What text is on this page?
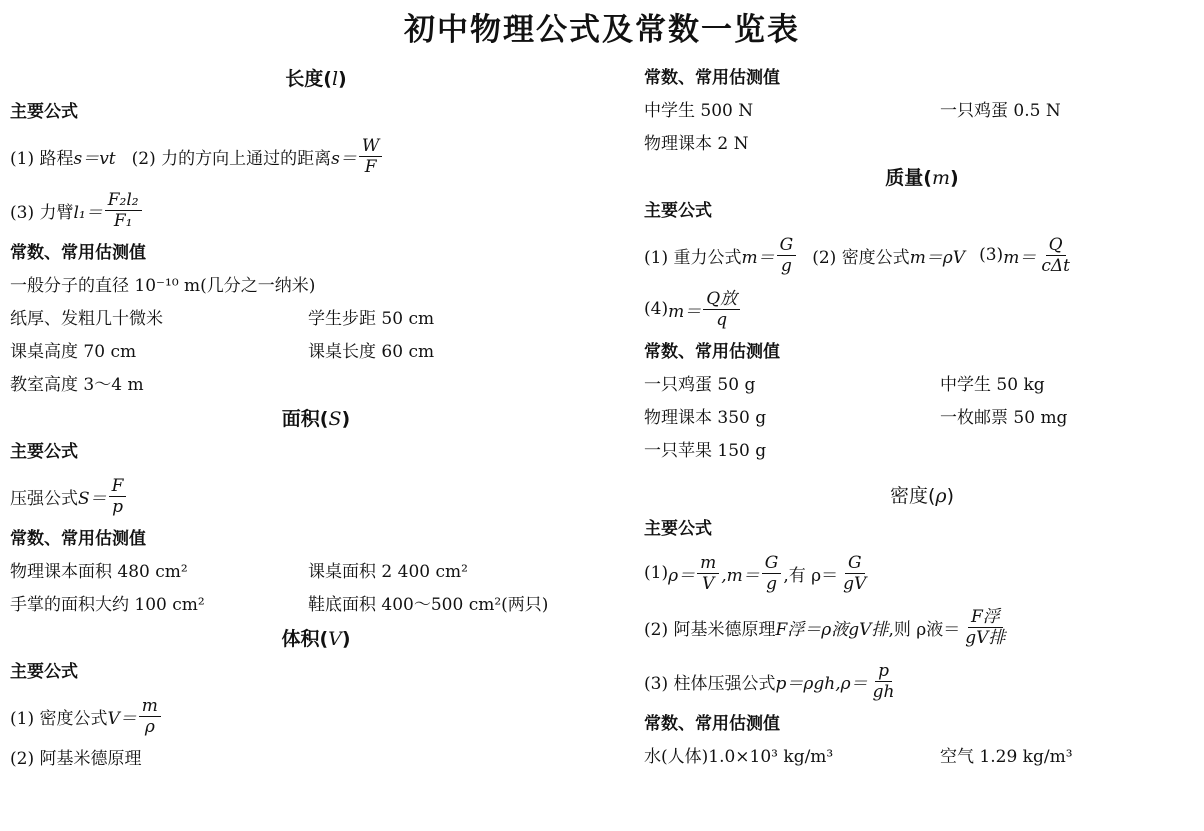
初中物理公式及常数一览表
长度(l)
主要公式
(1) 路程 s＝vt (2) 力的方向上通过的距离 $s= \frac{W}{F}$
(3) 力臂 $l_1= \frac{\text{F₂l₂}}{\text{F₁}}$
常数、常用估测值
一般分子的直径 10⁻¹⁰ m(几分之一纳米)
纸厚、发粗几十微米	学生步距 50 cm
课桌高度 70 cm	课桌长度 60 cm
教室高度 3～4 m
面积(S)
主要公式
压强公式 $S= \frac{F}{p}$
常数、常用估测值
物理课本面积 480 cm²	课桌面积 2 400 cm²
手掌的面积大约 100 cm²	鞋底面积 400～500 cm²(两只)
体积(V)
主要公式
(1) 密度公式 $V= \frac{m}{\rho}$
(2) 阿基米德原理
常数、常用估测值
中学生 500 N	一只鸡蛋 0.5 N
物理课本 2 N
质量(m)
主要公式
(1) 重力公式 $m= \frac{G}{g} (2)$ 密度公式 m＝ρV (3) $m= \frac{Q}{\text{cΔt}}$
(4) $m= \frac{\text{Q放}}{q}$
常数、常用估测值
一只鸡蛋 50 g	中学生 50 kg
物理课本 350 g	一枚邮票 50 mg
一只苹果 150 g
密度(ρ)
主要公式
(1) $\rho= \frac{m}{V} ,m= \frac{G}{g}$ ,有 $\rho= \frac{G}{gV}$
(2) 阿基米德原理 F浮＝ρ液gV排 ,则 ρ液＝ $\frac{\text{F浮}}{\text{gV排}}$
(3) 柱体压强公式 p＝ρgh $,\rho= \frac{p}{gh}$
常数、常用估测值
水(人体)1.0×10³ kg/m³	空气 1.29 kg/m³
